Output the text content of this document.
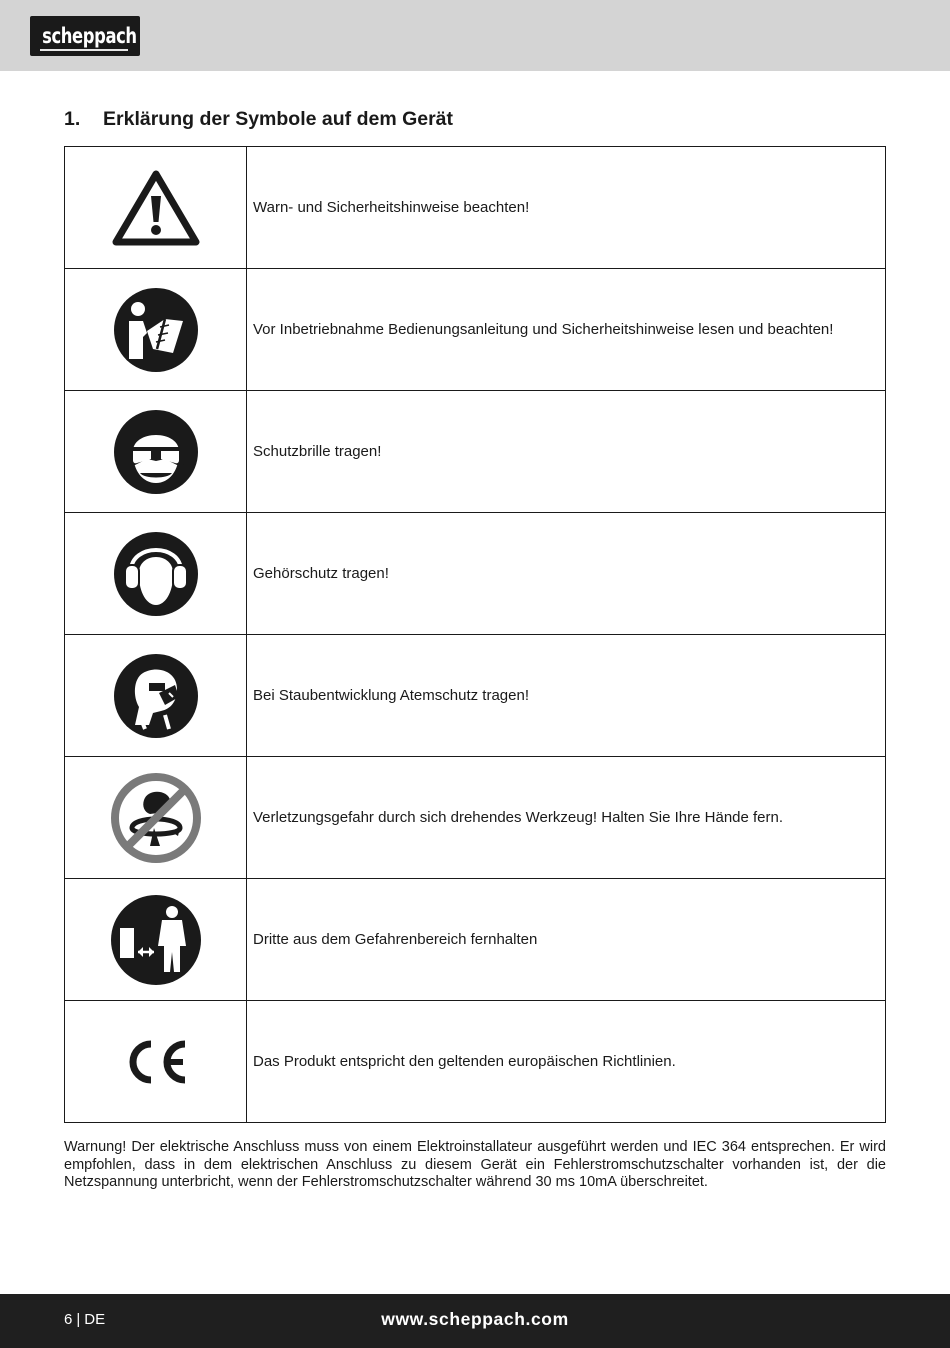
scheppach
1. Erklärung der Symbole auf dem Gerät
	Warn- und Sicherheitshinweise beachten!

	Vor Inbetriebnahme Bedienungsanleitung und Sicherheitshinweise lesen und beachten!

	Schutzbrille tragen!

	Gehörschutz tragen!

	Bei Staubentwicklung Atemschutz tragen!

	Verletzungsgefahr durch sich drehendes Werkzeug! Halten Sie Ihre Hände fern.

	Dritte aus dem Gefahrenbereich fernhalten

	Das Produkt entspricht den geltenden europäischen Richtlinien.

Warnung! Der elektrische Anschluss muss von einem Elektroinstallateur ausgeführt werden und IEC 364 entsprechen. Er wird empfohlen, dass in dem elektrischen Anschluss zu diesem Gerät ein Fehlerstromschutzschalter vorhanden ist, der die Netzspannung unterbricht, wenn der Fehlerstromschutzschalter während 30 ms 10mA überschreitet.

6 | DE	www.scheppach.com
